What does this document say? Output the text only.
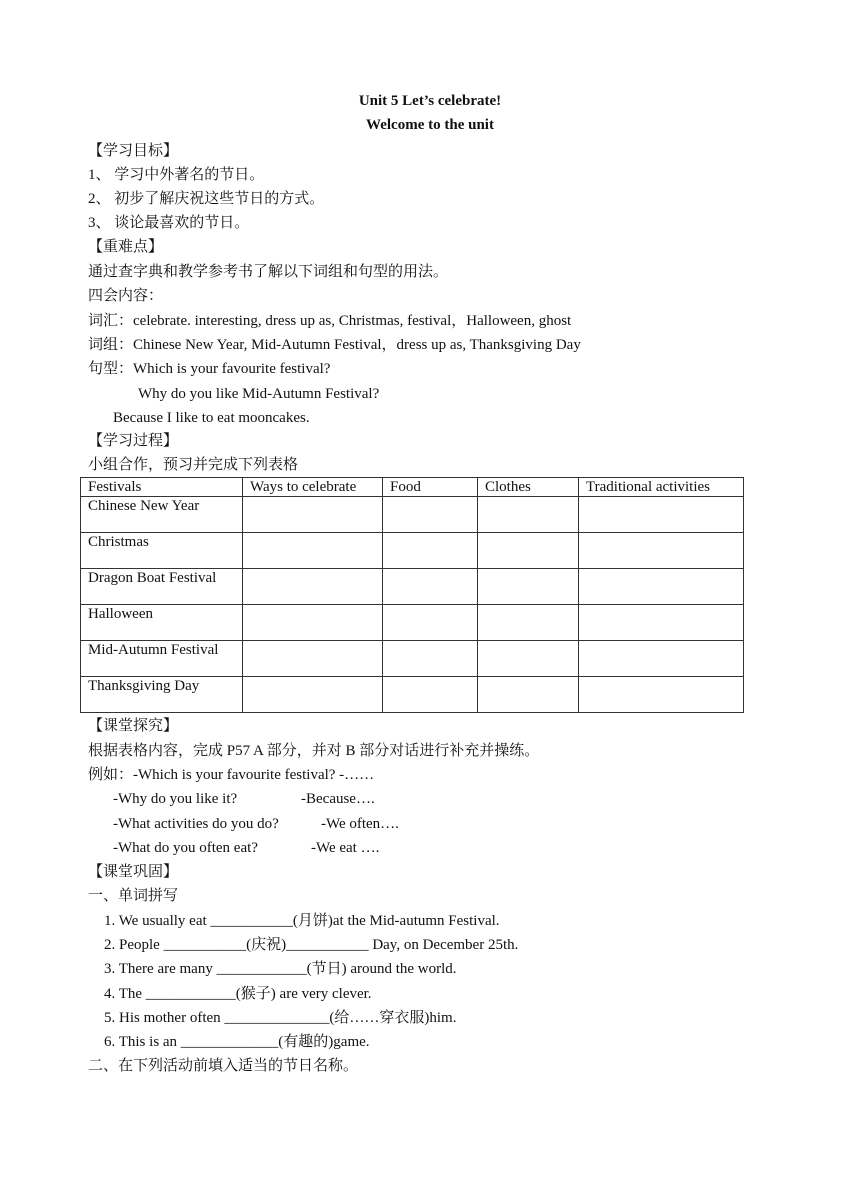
Unit 5 Let’s celebrate!
Welcome to the unit
【学习目标】
1、 学习中外著名的节日。
2、 初步了解庆祝这些节日的方式。
3、 谈论最喜欢的节日。
【重难点】
通过查字典和教学参考书了解以下词组和句型的用法。
四会内容：
词汇：celebrate. interesting, dress up as, Christmas, festival，Halloween, ghost
词组：Chinese New Year, Mid-Autumn Festival，dress up as, Thanksgiving Day
句型：Which is your favourite festival?
Why do you like Mid-Autumn Festival?
Because I like to eat mooncakes.
【学习过程】
小组合作，预习并完成下列表格
Festivals	Ways to celebrate	Food	Clothes	Traditional activities
Chinese New Year				
Christmas				
Dragon Boat Festival				
Halloween				
Mid-Autumn Festival				
Thanksgiving Day				
【课堂探究】
根据表格内容，完成 P57 A 部分，并对 B 部分对话进行补充并操练。
例如：-Which is your favourite festival? -……
-Why do you like it?	-Because….
-What activities do you do?	-We often….
-What do you often eat?	-We eat ….
【课堂巩固】
一、单词拼写
1. We usually eat ___________(月饼)at the Mid-autumn Festival.
2. People ___________(庆祝)___________ Day, on December 25th.
3. There are many ____________(节日) around the world.
4. The ____________(猴子) are very clever.
5. His mother often ______________(给……穿衣服)him.
6. This is an _____________(有趣的)game.
二、在下列活动前填入适当的节日名称。
